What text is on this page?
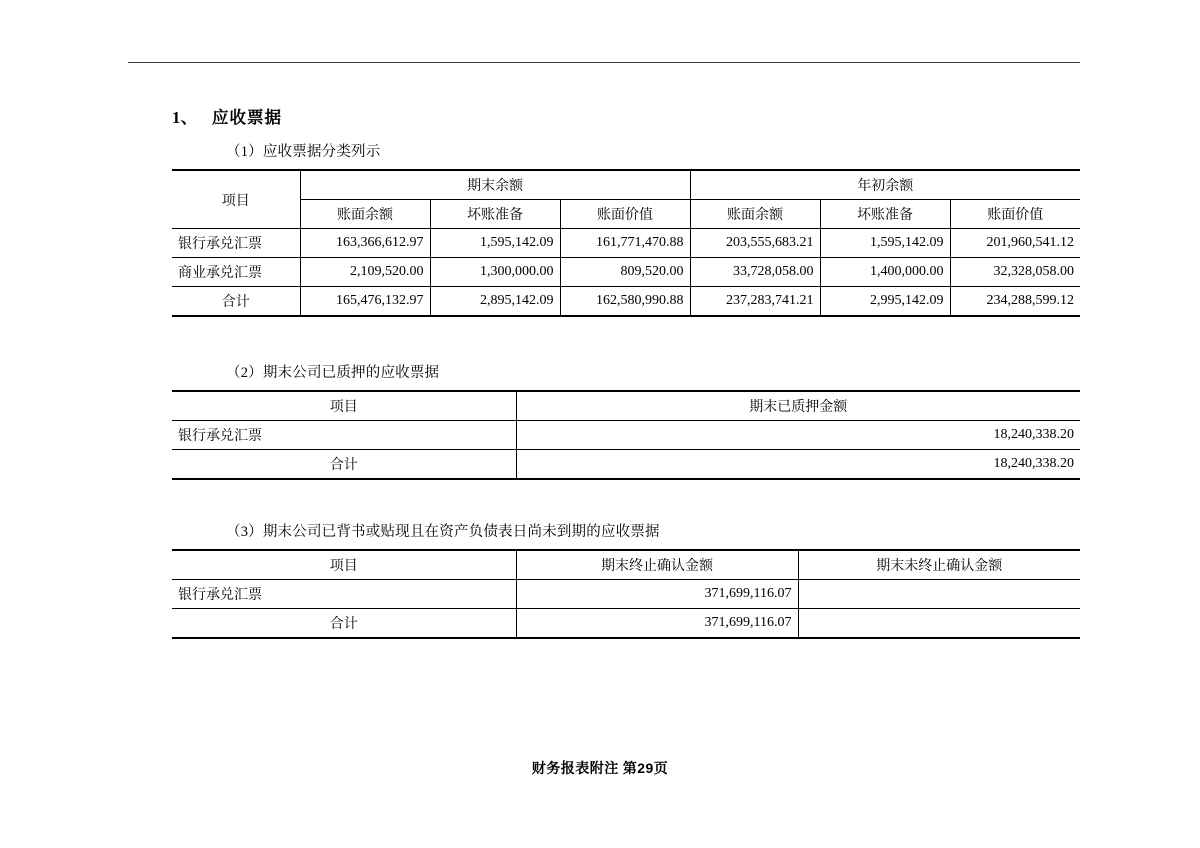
1、 应收票据
（1）应收票据分类列示
项目	期末余额			年初余额		
	账面余额	坏账准备	账面价值	账面余额	坏账准备	账面价值
银行承兑汇票	163,366,612.97	1,595,142.09	161,771,470.88	203,555,683.21	1,595,142.09	201,960,541.12
商业承兑汇票	2,109,520.00	1,300,000.00	809,520.00	33,728,058.00	1,400,000.00	32,328,058.00
合计	165,476,132.97	2,895,142.09	162,580,990.88	237,283,741.21	2,995,142.09	234,288,599.12
（2）期末公司已质押的应收票据
项目	期末已质押金额
银行承兑汇票	18,240,338.20
合计	18,240,338.20
（3）期末公司已背书或贴现且在资产负债表日尚未到期的应收票据
项目	期末终止确认金额	期末未终止确认金额
银行承兑汇票	371,699,116.07	
合计	371,699,116.07	
财务报表附注 第29页
